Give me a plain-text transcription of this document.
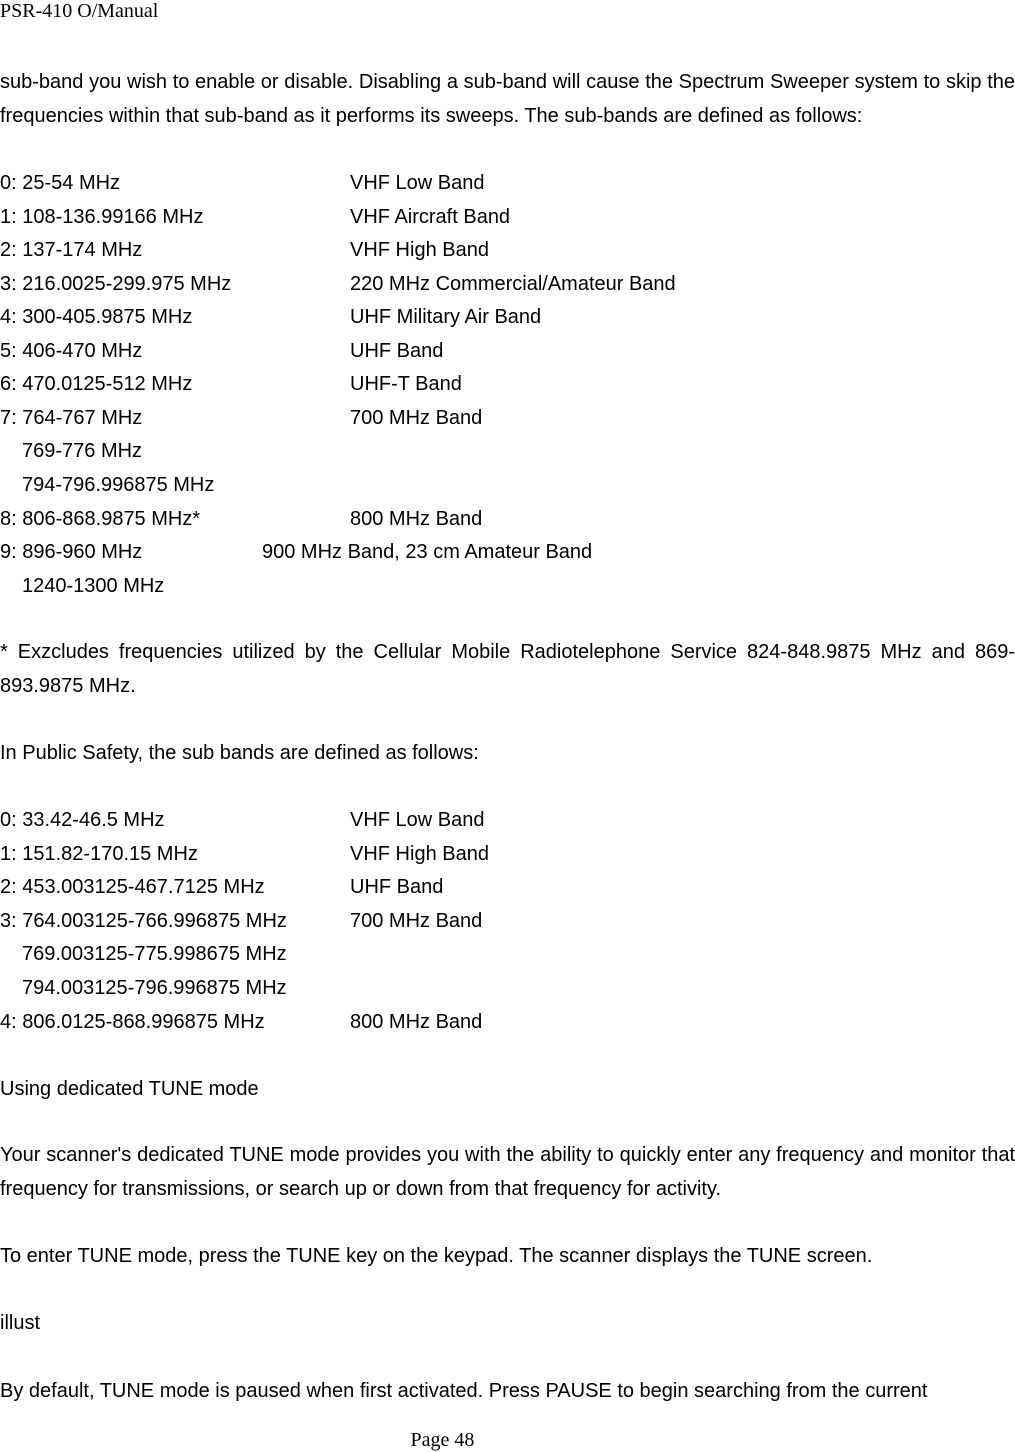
PSR-410 O/Manual
sub-band you wish to enable or disable. Disabling a sub-band will cause the Spectrum Sweeper system to skip the frequencies within that sub-band as it performs its sweeps. The sub-bands are defined as follows:
0: 25-54 MHz	VHF Low Band
1: 108-136.99166 MHz	VHF Aircraft Band
2: 137-174 MHz	VHF High Band
3: 216.0025-299.975 MHz	220 MHz Commercial/Amateur Band
4: 300-405.9875 MHz	UHF Military Air Band
5: 406-470 MHz	UHF Band
6: 470.0125-512 MHz	UHF-T Band
7: 764-767 MHz	700 MHz Band
769-776 MHz
794-796.996875 MHz
8: 806-868.9875 MHz*	800 MHz Band
9: 896-960 MHz	900 MHz Band, 23 cm Amateur Band
1240-1300 MHz
* Exzcludes frequencies utilized by the Cellular Mobile Radiotelephone Service 824-848.9875 MHz and 869-893.9875 MHz.
In Public Safety, the sub bands are defined as follows:
0: 33.42-46.5 MHz	VHF Low Band
1: 151.82-170.15 MHz	VHF High Band
2: 453.003125-467.7125 MHz	UHF Band
3: 764.003125-766.996875 MHz	700 MHz Band
769.003125-775.998675 MHz
794.003125-796.996875 MHz
4: 806.0125-868.996875 MHz	800 MHz Band
Using dedicated TUNE mode
Your scanner's dedicated TUNE mode provides you with the ability to quickly enter any frequency and monitor that frequency for transmissions, or search up or down from that frequency for activity.
To enter TUNE mode, press the TUNE key on the keypad. The scanner displays the TUNE screen.
illust
By default, TUNE mode is paused when first activated. Press PAUSE to begin searching from the current
Page 48
